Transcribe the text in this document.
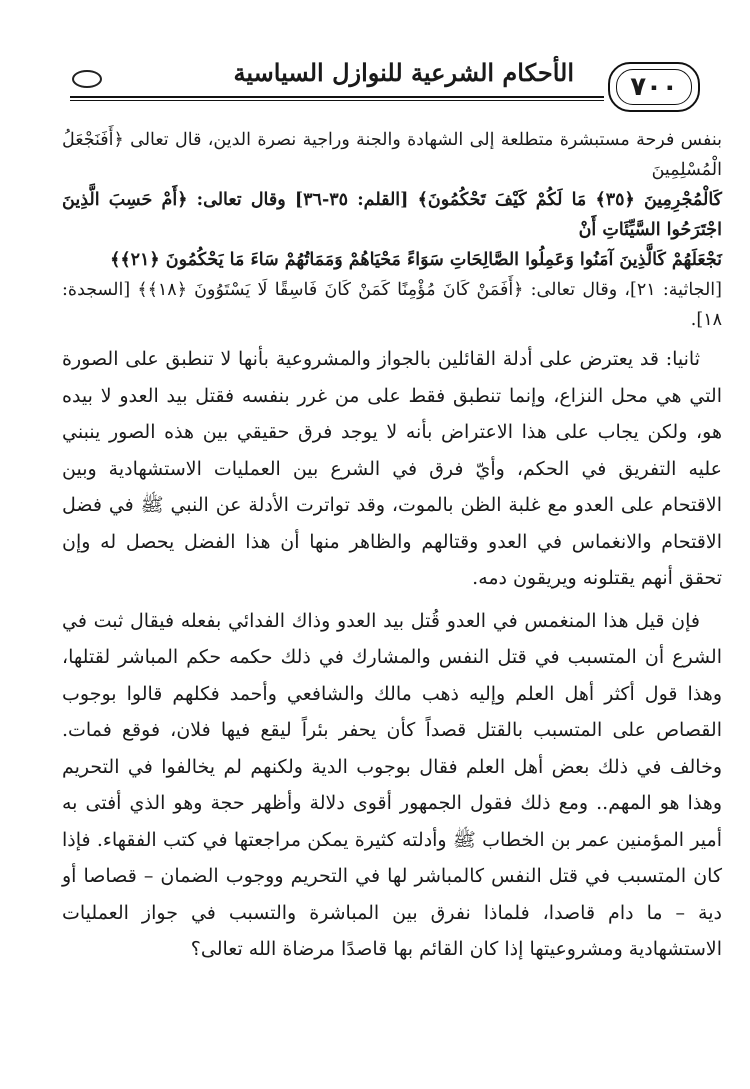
الأحكام الشرعية للنوازل السياسية ٧٠٠
بنفس فرحة مستبشرة متطلعة إلى الشهادة والجنة وراجية نصرة الدين، قال تعالى ﴿أَفَنَجْعَلُ الْمُسْلِمِينَ
كَالْمُجْرِمِينَ ﴿٣٥﴾ مَا لَكُمْ كَيْفَ تَحْكُمُونَ﴾ [القلم: ٣٥-٣٦] وقال تعالى: ﴿أَمْ حَسِبَ الَّذِينَ اجْتَرَحُوا السَّيِّئَاتِ أَنْ
نَجْعَلَهُمْ كَالَّذِينَ آمَنُوا وَعَمِلُوا الصَّالِحَاتِ سَوَاءً مَحْيَاهُمْ وَمَمَاتُهُمْ سَاءَ مَا يَحْكُمُونَ ﴿٢١﴾﴾
[الجاثية: ٢١]، وقال تعالى: ﴿أَفَمَنْ كَانَ مُؤْمِنًا كَمَنْ كَانَ فَاسِقًا لَا يَسْتَوُونَ ﴿١٨﴾﴾ [السجدة: ١٨].

ثانيا: قد يعترض على أدلة القائلين بالجواز والمشروعية بأنها لا تنطبق على الصورة التي هي محل النزاع، وإنما تنطبق فقط على من غرر بنفسه فقتل بيد العدو لا بيده هو، ولكن يجاب على هذا الاعتراض بأنه لا يوجد فرق حقيقي بين هذه الصور ينبني عليه التفريق في الحكم، وأيّ فرق في الشرع بين العمليات الاستشهادية وبين الاقتحام على العدو مع غلبة الظن بالموت، وقد تواترت الأدلة عن النبي ﷺ في فضل الاقتحام والانغماس في العدو وقتالهم والظاهر منها أن هذا الفضل يحصل له وإن تحقق أنهم يقتلونه ويريقون دمه.

فإن قيل هذا المنغمس في العدو قُتل بيد العدو وذاك الفدائي بفعله فيقال ثبت في الشرع أن المتسبب في قتل النفس والمشارك في ذلك حكمه حكم المباشر لقتلها، وهذا قول أكثر أهل العلم وإليه ذهب مالك والشافعي وأحمد فكلهم قالوا بوجوب القصاص على المتسبب بالقتل قصداً كأن يحفر بئراً ليقع فيها فلان، فوقع فمات. وخالف في ذلك بعض أهل العلم فقال بوجوب الدية ولكنهم لم يخالفوا في التحريم وهذا هو المهم.. ومع ذلك فقول الجمهور أقوى دلالة وأظهر حجة وهو الذي أفتى به أمير المؤمنين عمر بن الخطاب ﷺ وأدلته كثيرة يمكن مراجعتها في كتب الفقهاء. فإذا كان المتسبب في قتل النفس كالمباشر لها في التحريم ووجوب الضمان – قصاصا أو دية – ما دام قاصدا، فلماذا نفرق بين المباشرة والتسبب في جواز العمليات الاستشهادية ومشروعيتها إذا كان القائم بها قاصدًا مرضاة الله تعالى؟
